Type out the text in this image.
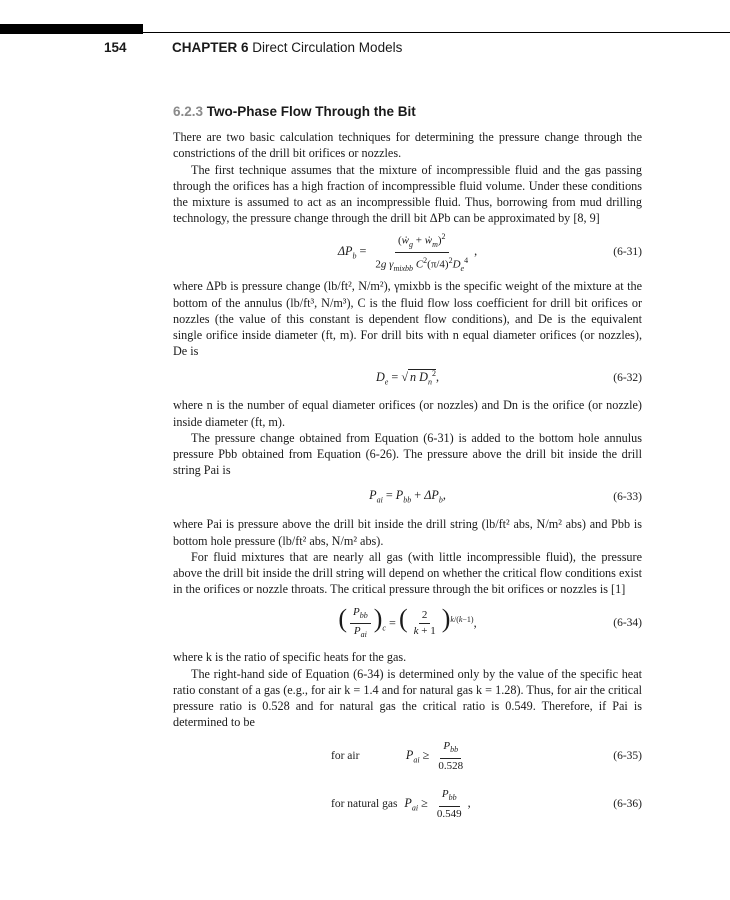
154	CHAPTER 6 Direct Circulation Models
6.2.3 Two-Phase Flow Through the Bit

There are two basic calculation techniques for determining the pressure change through the constrictions of the drill bit orifices or nozzles.

The first technique assumes that the mixture of incompressible fluid and the gas passing through the orifices has a high fraction of incompressible fluid volume. Under these conditions the mixture is assumed to act as an incompressible fluid. Thus, borrowing from mud drilling technology, the pressure change through the drill bit ΔPb can be approximated by [8, 9]

$\Delta P_b = \frac{(ẇ_g + ẇ_m)^2}{2g \gamma_{mixbb} C^2(\pi/4)^2D_e^4}$ ,	(6-31)

where ΔPb is pressure change (lb/ft², N/m²), γmixbb is the specific weight of the mixture at the bottom of the annulus (lb/ft³, N/m³), C is the fluid flow loss coefficient for drill bit orifices or nozzles (the value of this constant is dependent flow conditions), and De is the equivalent single orifice inside diameter (ft, m). For drill bits with n equal diameter orifices (or nozzles), De is

$D_e$ = √ n $D_n^2$,	(6-32)

where n is the number of equal diameter orifices (or nozzles) and Dn is the orifice (or nozzle) inside diameter (ft, m).

The pressure change obtained from Equation (6-31) is added to the bottom hole annulus pressure Pbb obtained from Equation (6-26). The pressure above the drill bit inside the drill string Pai is

$P_{ai} = P_{bb} + \Delta P_b$,	(6-33)

where Pai is pressure above the drill bit inside the drill string (lb/ft² abs, N/m² abs) and Pbb is bottom hole pressure (lb/ft² abs, N/m² abs).

For fluid mixtures that are nearly all gas (with little incompressible fluid), the pressure above the drill bit inside the drill string will depend on whether the critical flow conditions exist in the orifices or nozzle throats. The critical pressure through the bit orifices or nozzles is [1]

( $\frac{P_{bb}}{P_{ai}} )_c$ = ( $\frac{2}{k + 1} )^{k/(k-1)}$,	(6-34)

where k is the ratio of specific heats for the gas.

The right-hand side of Equation (6-34) is determined only by the value of the specific heat ratio constant of a gas (e.g., for air k = 1.4 and for natural gas k = 1.28). Thus, for air the critical pressure ratio is 0.528 and for natural gas the critical ratio is 0.549. Therefore, if Pai is determined to be

for air	$P_{ai} \ge \frac{P_{bb}}{0.528}$	(6-35)
for natural gas $P_{ai} \ge \frac{P_{bb}}{0.549}$ ,	(6-36)
